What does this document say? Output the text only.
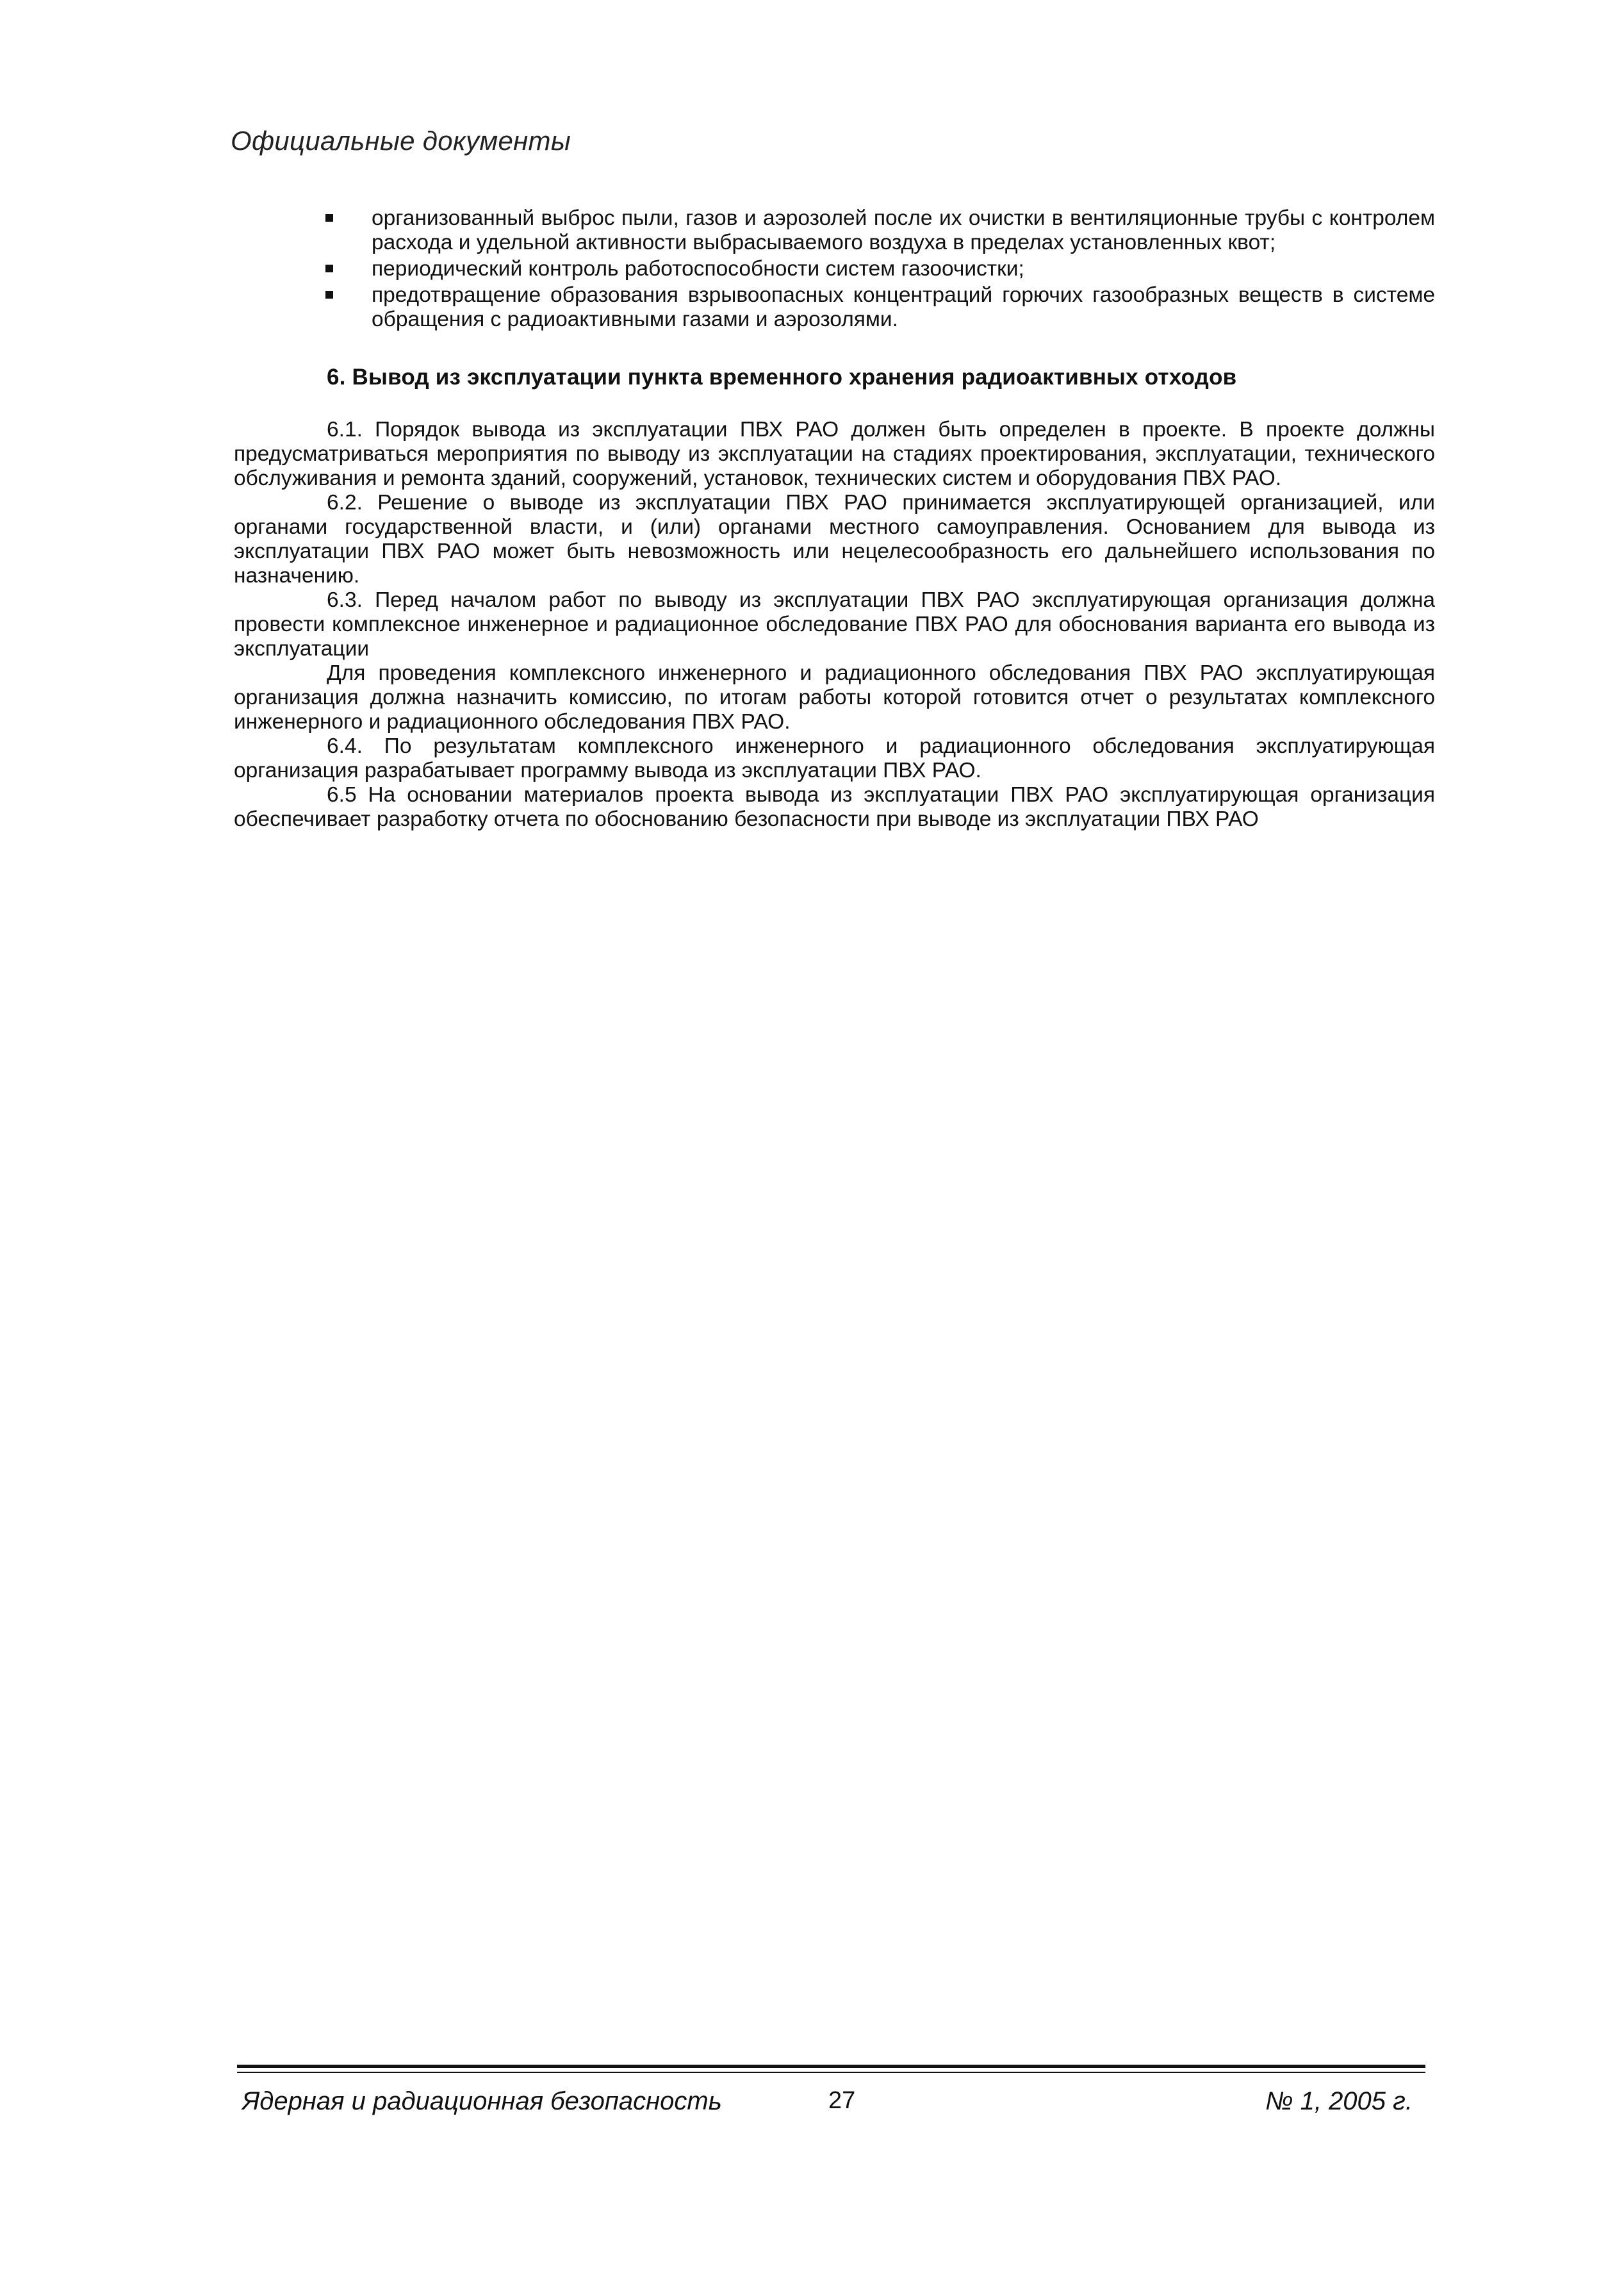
Официальные документы
организованный выброс пыли, газов и аэрозолей после их очистки в вентиляционные трубы с контролем расхода и удельной активности выбрасываемого воздуха в пределах установленных квот;
периодический контроль работоспособности систем газоочистки;
предотвращение образования взрывоопасных концентраций горючих газообразных веществ в системе обращения с радиоактивными газами и аэрозолями.
6. Вывод из эксплуатации пункта временного хранения радиоактивных отходов

6.1. Порядок вывода из эксплуатации ПВХ РАО должен быть определен в проекте. В проекте должны предусматриваться мероприятия по выводу из эксплуатации на стадиях проектирования, эксплуатации, технического обслуживания и ремонта зданий, сооружений, установок, технических систем и оборудования ПВХ РАО.

6.2. Решение о выводе из эксплуатации ПВХ РАО принимается эксплуатирующей организацией, или органами государственной власти, и (или) органами местного самоуправления. Основанием для вывода из эксплуатации ПВХ РАО может быть невозможность или нецелесообразность его дальнейшего использования по назначению.

6.3. Перед началом работ по выводу из эксплуатации ПВХ РАО эксплуатирующая организация должна провести комплексное инженерное и радиационное обследование ПВХ РАО для обоснования варианта его вывода из эксплуатации

Для проведения комплексного инженерного и радиационного обследования ПВХ РАО эксплуатирующая организация должна назначить комиссию, по итогам работы которой готовится отчет о результатах комплексного инженерного и радиационного обследования ПВХ РАО.

6.4. По результатам комплексного инженерного и радиационного обследования эксплуатирующая организация разрабатывает программу вывода из эксплуатации ПВХ РАО.

6.5 На основании материалов проекта вывода из эксплуатации ПВХ РАО эксплуатирующая организация обеспечивает разработку отчета по обоснованию безопасности при выводе из эксплуатации ПВХ РАО

Ядерная и радиационная безопасность	27	№ 1, 2005 г.
